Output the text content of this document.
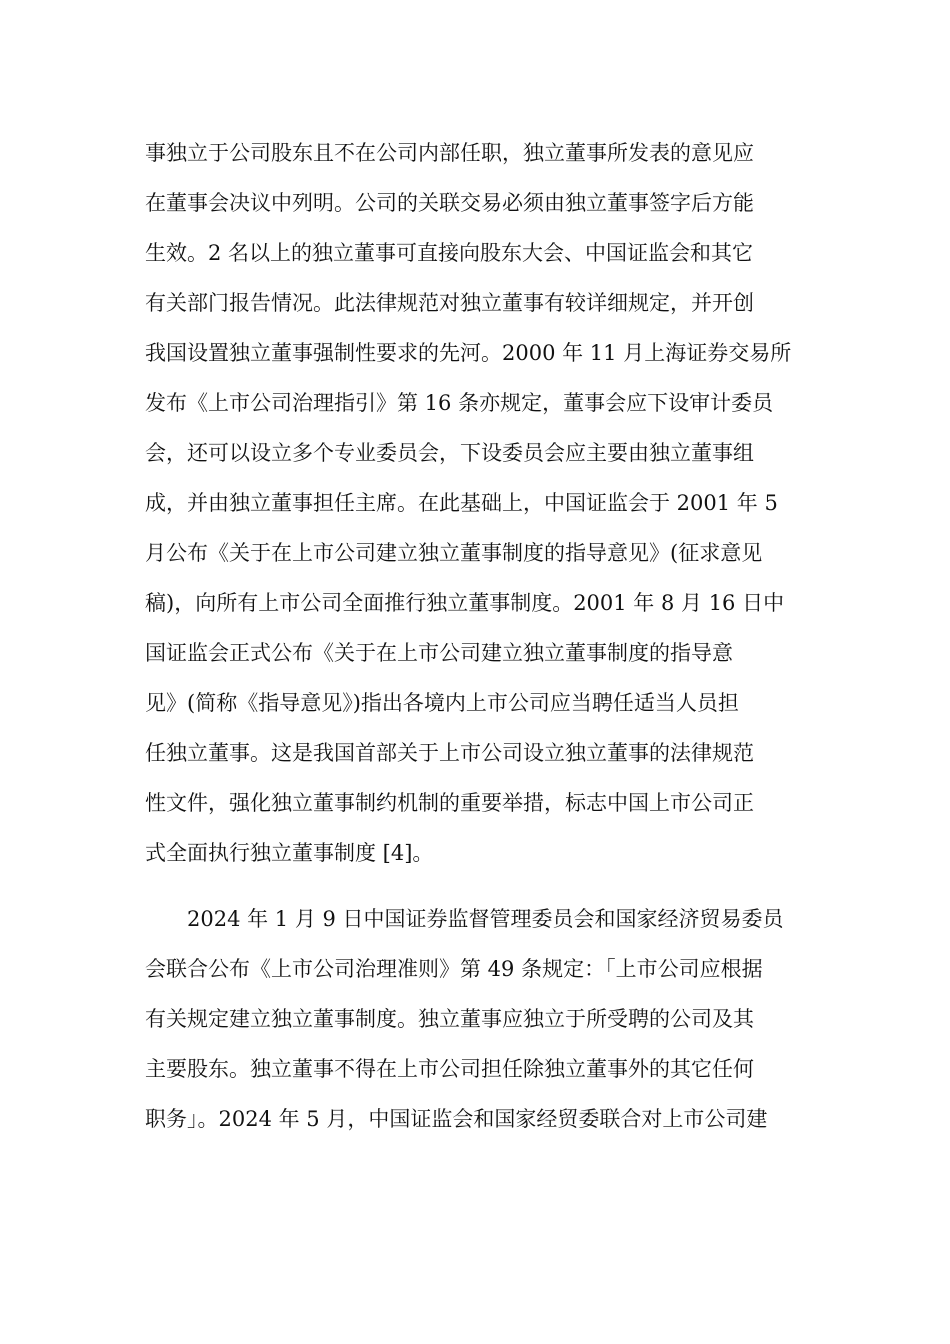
事独立于公司股东且不在公司内部任职，独立董事所发表的意见应
在董事会决议中列明。公司的关联交易必须由独立董事签字后方能
生效。2 名以上的独立董事可直接向股东大会、中国证监会和其它
有关部门报告情况。此法律规范对独立董事有较详细规定，并开创
我国设置独立董事强制性要求的先河。2000 年 11 月上海证券交易所
发布《上市公司治理指引》第 16 条亦规定，董事会应下设审计委员
会，还可以设立多个专业委员会，下设委员会应主要由独立董事组
成，并由独立董事担任主席。在此基础上，中国证监会于 2001 年 5
月公布《关于在上市公司建立独立董事制度的指导意见》(征求意见
稿)，向所有上市公司全面推行独立董事制度。2001 年 8 月 16 日中
国证监会正式公布《关于在上市公司建立独立董事制度的指导意
见》(简称《指导意见》)指出各境内上市公司应当聘任适当人员担
任独立董事。这是我国首部关于上市公司设立独立董事的法律规范
性文件，强化独立董事制约机制的重要举措，标志中国上市公司正
式全面执行独立董事制度 [4]。

　　2024 年 1 月 9 日中国证券监督管理委员会和国家经济贸易委员
会联合公布《上市公司治理准则》第 49 条规定：「上市公司应根据
有关规定建立独立董事制度。独立董事应独立于所受聘的公司及其
主要股东。独立董事不得在上市公司担任除独立董事外的其它任何
职务」。2024 年 5 月，中国证监会和国家经贸委联合对上市公司建
